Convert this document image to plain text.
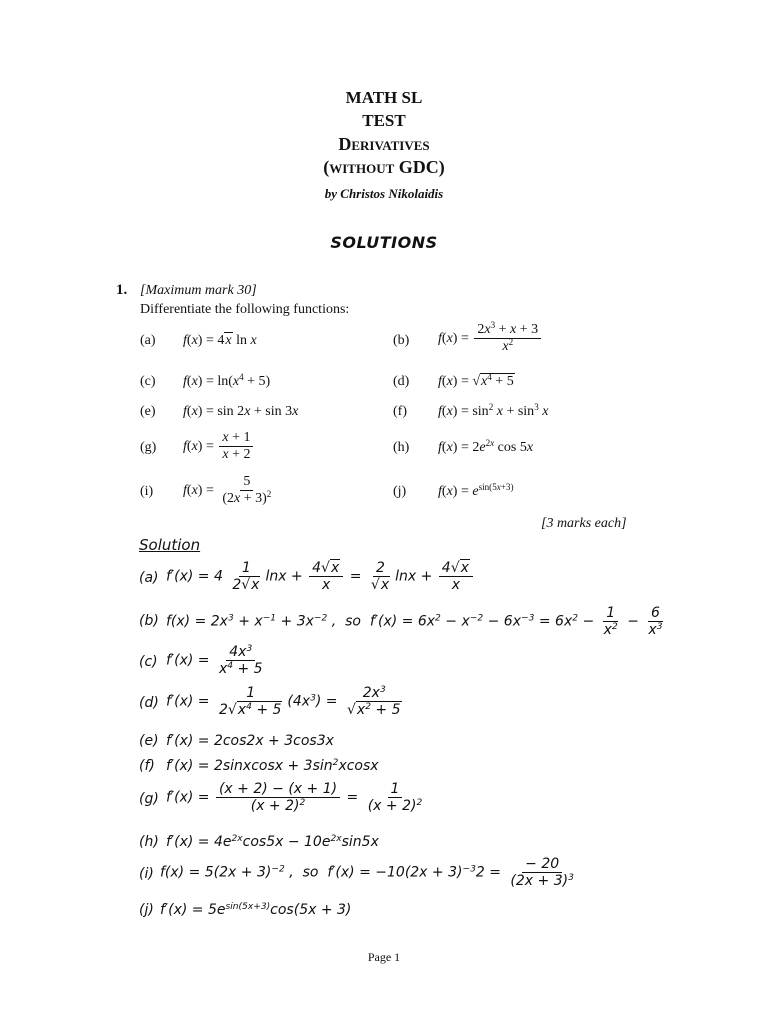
MATH SL
TEST
Derivatives
(without GDC)
by Christos Nikolaidis
SOLUTIONS
1. [Maximum mark 30]
Differentiate the following functions:
(a) f(x) = 4x ln x	(b) $f(x) = \frac{2x^3 + x + 3}{x^2}$
(c) $f(x) = \ln(x^4 + 5)$	(d) $f(x) = √x^4 + 5$
(e) f(x) = sin 2x + sin 3x	(f) $f(x) = \sin^2 x + \sin^3 x$
(g) $f(x) = \frac{x + 1}{x + 2}$	(h) $f(x) = 2e^{2x}$ cos 5x
(i) $f(x) = \frac{5}{(2x + 3)^2}$	(j) $f(x) = e^{sin(5x+3)}$
[3 marks each]
Solution
(a) $f'(x) = 4 \frac{1}{2√x}$ $\ln x + \frac{4√x}{x} = \frac{2}{√x}$ $\ln x + \frac{4√x}{x}$
(b) $f(x) = 2x^3 + x^{-1} + 3x^{-2}$ ,  so  $f'(x) = 6x^2 - x^{-2} - 6x^{-3} = 6x^2 - \frac{1}{x^2} - \frac{6}{x^3}$
(c) $f'(x) = \frac{4x^3}{x^4 + 5}$
(d) $f'(x) = \frac{1}{2√x^4 + 5} (4x^3) = \frac{2x^3}{√x^2 + 5}$
(e) f′(x) = 2cos2x + 3cos3x
(f) f′(x) = 2sinxcosx + $3\sin^2xcosx$
(g) $f'(x) = \frac{(x + 2) - (x + 1)}{(x + 2)^2} = \frac{1}{(x + 2)^2}$
(h) $f'(x) = 4e^{2x}\cos 5x - 10e^{2x}\sin 5x$
(i) $f(x) = 5(2x + 3)^{-2}$ ,  so  $f'(x) = -10(2x + 3)^{-3}2 = \frac{- 20}{(2x + 3)^3}$
(j) $f'(x) = 5e^{sin(5x+3)}\cos(5x + 3)$
Page 1
